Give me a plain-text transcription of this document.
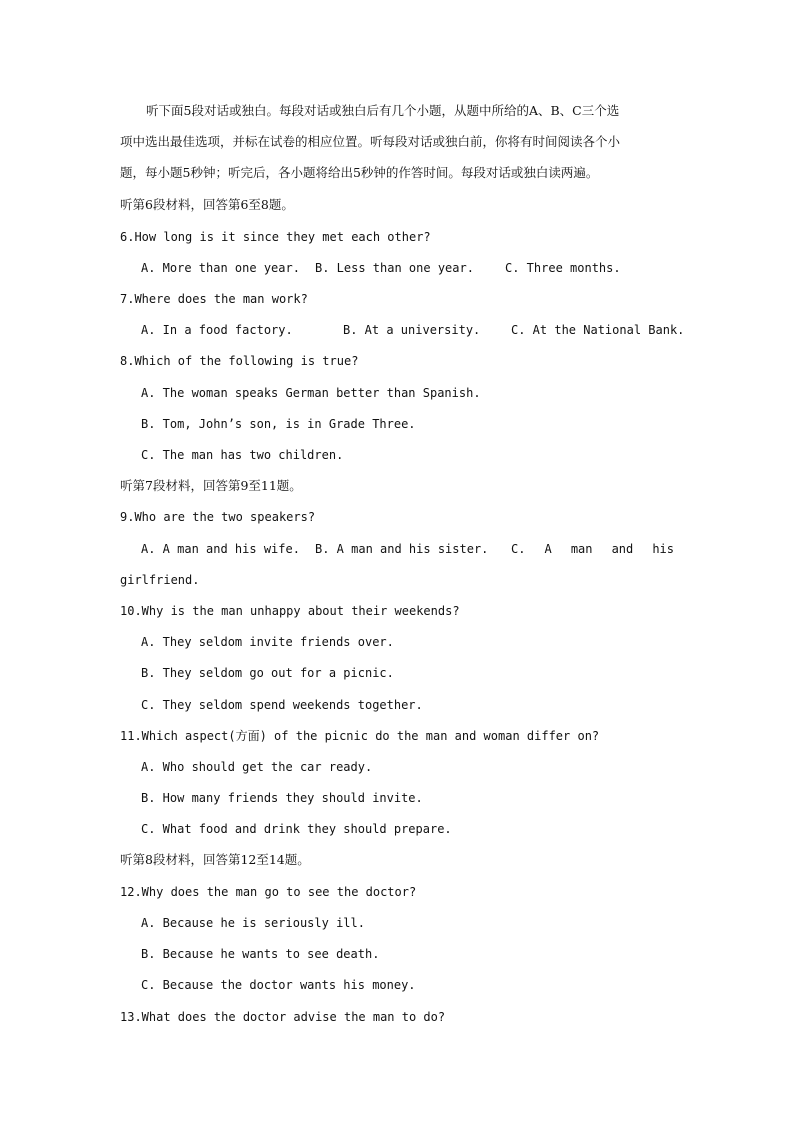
听下面5段对话或独白。每段对话或独白后有几个小题，从题中所给的A、B、C三个选
项中选出最佳选项，并标在试卷的相应位置。听每段对话或独白前，你将有时间阅读各个小
题，每小题5秒钟；听完后，各小题将给出5秒钟的作答时间。每段对话或独白读两遍。
听第6段材料，回答第6至8题。
6.How long is it since they met each other?
A. More than one year.	B. Less than one year.	C. Three months.
7.Where does the man work?
A. In a food factory.	B. At a university.	C. At the National Bank.
8.Which of the following is true?
A. The woman speaks German better than Spanish.
B. Tom, John’s son, is in Grade Three.
C. The man has two children.
听第7段材料，回答第9至11题。
9.Who are the two speakers?
A. A man and his wife.	B. A man and his sister.	C. A man and his
girlfriend.
10.Why is the man unhappy about their weekends?
A. They seldom invite friends over.
B. They seldom go out for a picnic.
C. They seldom spend weekends together.
11.Which aspect(方面) of the picnic do the man and woman differ on?
A. Who should get the car ready.
B. How many friends they should invite.
C. What food and drink they should prepare.
听第8段材料，回答第12至14题。
12.Why does the man go to see the doctor?
A. Because he is seriously ill.
B. Because he wants to see death.
C. Because the doctor wants his money.
13.What does the doctor advise the man to do?
